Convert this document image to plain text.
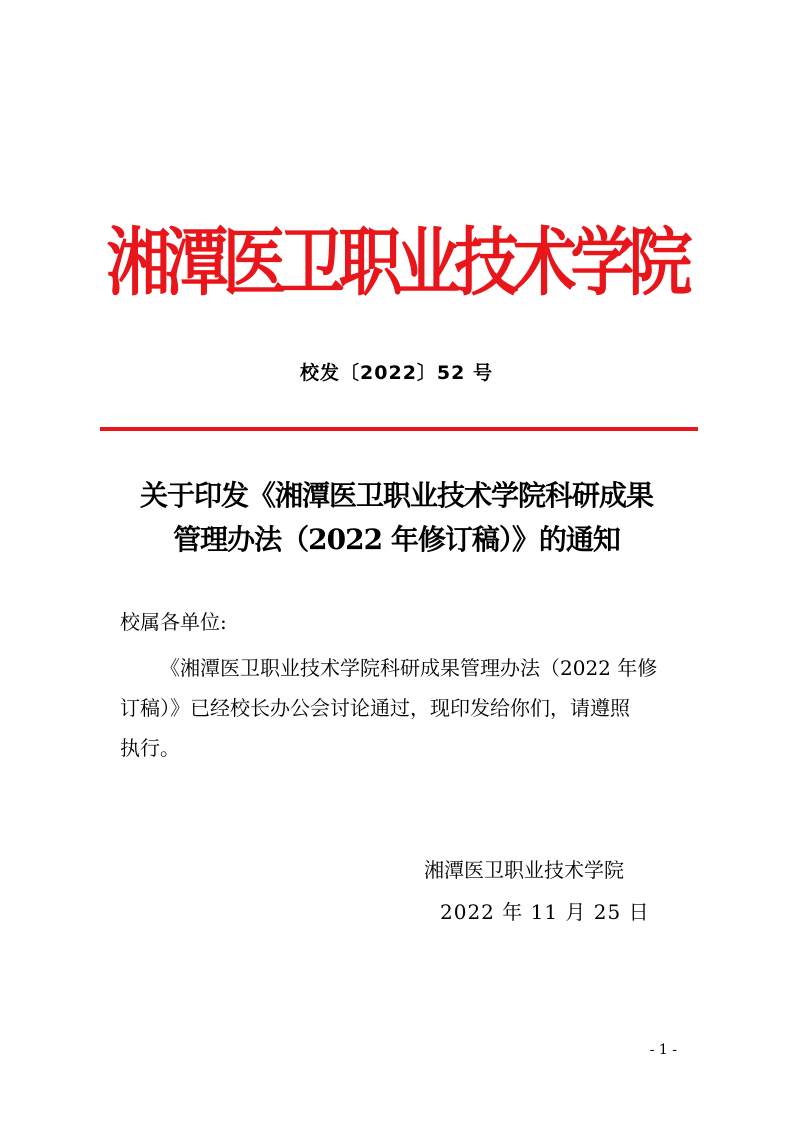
湘潭医卫职业技术学院
校发〔2022〕52 号
关于印发《湘潭医卫职业技术学院科研成果
管理办法（2022 年修订稿）》的通知
校属各单位:
《湘潭医卫职业技术学院科研成果管理办法（2022 年修
订稿）》已经校长办公会讨论通过，现印发给你们，请遵照
执行。
湘潭医卫职业技术学院
2022 年 11 月 25 日
- 1 -
